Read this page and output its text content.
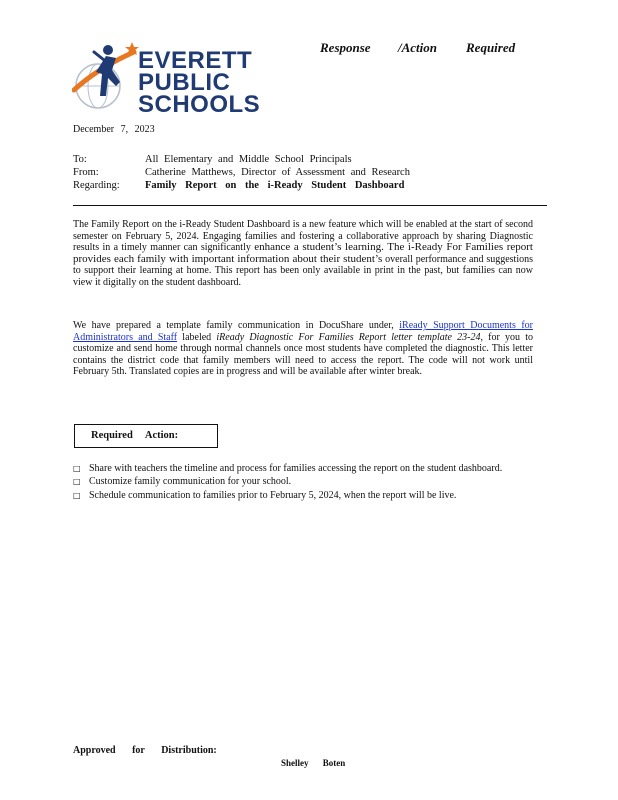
EVERETT
PUBLIC
SCHOOLS
Response /Action Required
December 7, 2023
To:	All Elementary and Middle School Principals
From:	Catherine Matthews, Director of Assessment and Research
Regarding: Family Report on the i-Ready Student Dashboard
The Family Report on the i-Ready Student Dashboard is a new feature which will be enabled at the start of second semester on February 5, 2024. Engaging families and fostering a collaborative approach by sharing Diagnostic results in a timely manner can significantly enhance a student’s learning. The i-Ready For Families report provides each family with important information about their student’s overall performance and suggestions to support their learning at home. This report has been only available in print in the past, but families can now view it digitally on the student dashboard.
We have prepared a template family communication in DocuShare under, iReady Support Documents for Administrators and Staff labeled iReady Diagnostic For Families Report letter template 23-24, for you to customize and send home through normal channels once most students have completed the diagnostic. This letter contains the district code that family members will need to access the report. The code will not work until February 5th. Translated copies are in progress and will be available after winter break.
Required Action:
□ Share with teachers the timeline and process for families accessing the report on the student dashboard.
□ Customize family communication for your school.
□ Schedule communication to families prior to February 5, 2024, when the report will be live.
Approved for Distribution:
Shelley Boten
